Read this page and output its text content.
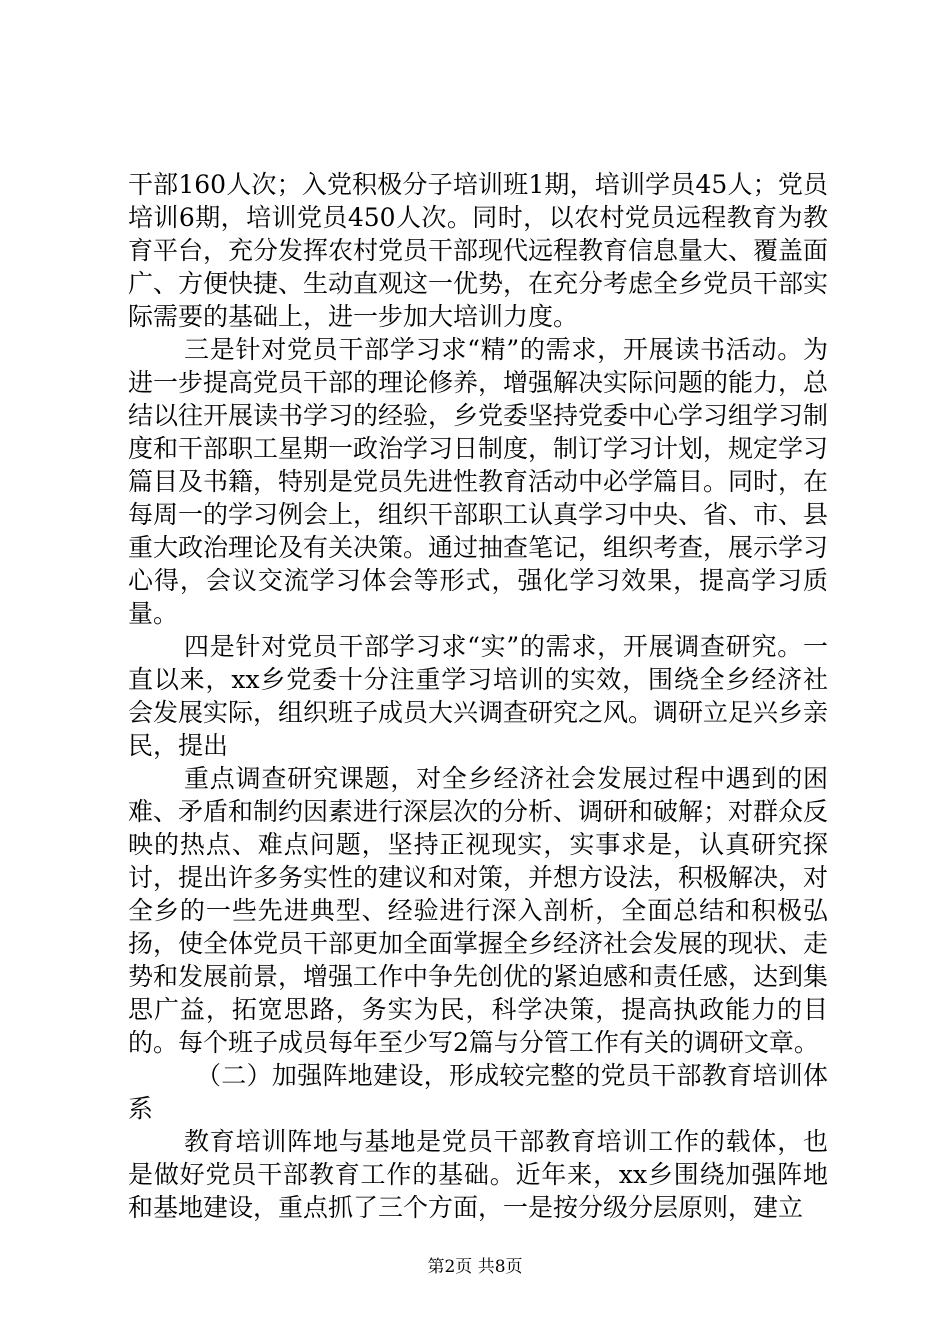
干部160人次；入党积极分子培训班1期，培训学员45人；党员培训6期，培训党员450人次。同时，以农村党员远程教育为教育平台，充分发挥农村党员干部现代远程教育信息量大、覆盖面广、方便快捷、生动直观这一优势，在充分考虑全乡党员干部实际需要的基础上，进一步加大培训力度。

三是针对党员干部学习求“精”的需求，开展读书活动。为进一步提高党员干部的理论修养，增强解决实际问题的能力，总结以往开展读书学习的经验，乡党委坚持党委中心学习组学习制度和干部职工星期一政治学习日制度，制订学习计划，规定学习篇目及书籍，特别是党员先进性教育活动中必学篇目。同时，在每周一的学习例会上，组织干部职工认真学习中央、省、市、县重大政治理论及有关决策。通过抽查笔记，组织考查，展示学习心得，会议交流学习体会等形式，强化学习效果，提高学习质量。

四是针对党员干部学习求“实”的需求，开展调查研究。一直以来，xx乡党委十分注重学习培训的实效，围绕全乡经济社会发展实际，组织班子成员大兴调查研究之风。调研立足兴乡亲民，提出

重点调查研究课题，对全乡经济社会发展过程中遇到的困难、矛盾和制约因素进行深层次的分析、调研和破解；对群众反映的热点、难点问题，坚持正视现实，实事求是，认真研究探讨，提出许多务实性的建议和对策，并想方设法，积极解决，对全乡的一些先进典型、经验进行深入剖析，全面总结和积极弘扬，使全体党员干部更加全面掌握全乡经济社会发展的现状、走势和发展前景，增强工作中争先创优的紧迫感和责任感，达到集思广益，拓宽思路，务实为民，科学决策，提高执政能力的目的。每个班子成员每年至少写2篇与分管工作有关的调研文章。

（二）加强阵地建设，形成较完整的党员干部教育培训体系

教育培训阵地与基地是党员干部教育培训工作的载体，也是做好党员干部教育工作的基础。近年来，xx乡围绕加强阵地和基地建设，重点抓了三个方面，一是按分级分层原则，建立

第2页 共8页
